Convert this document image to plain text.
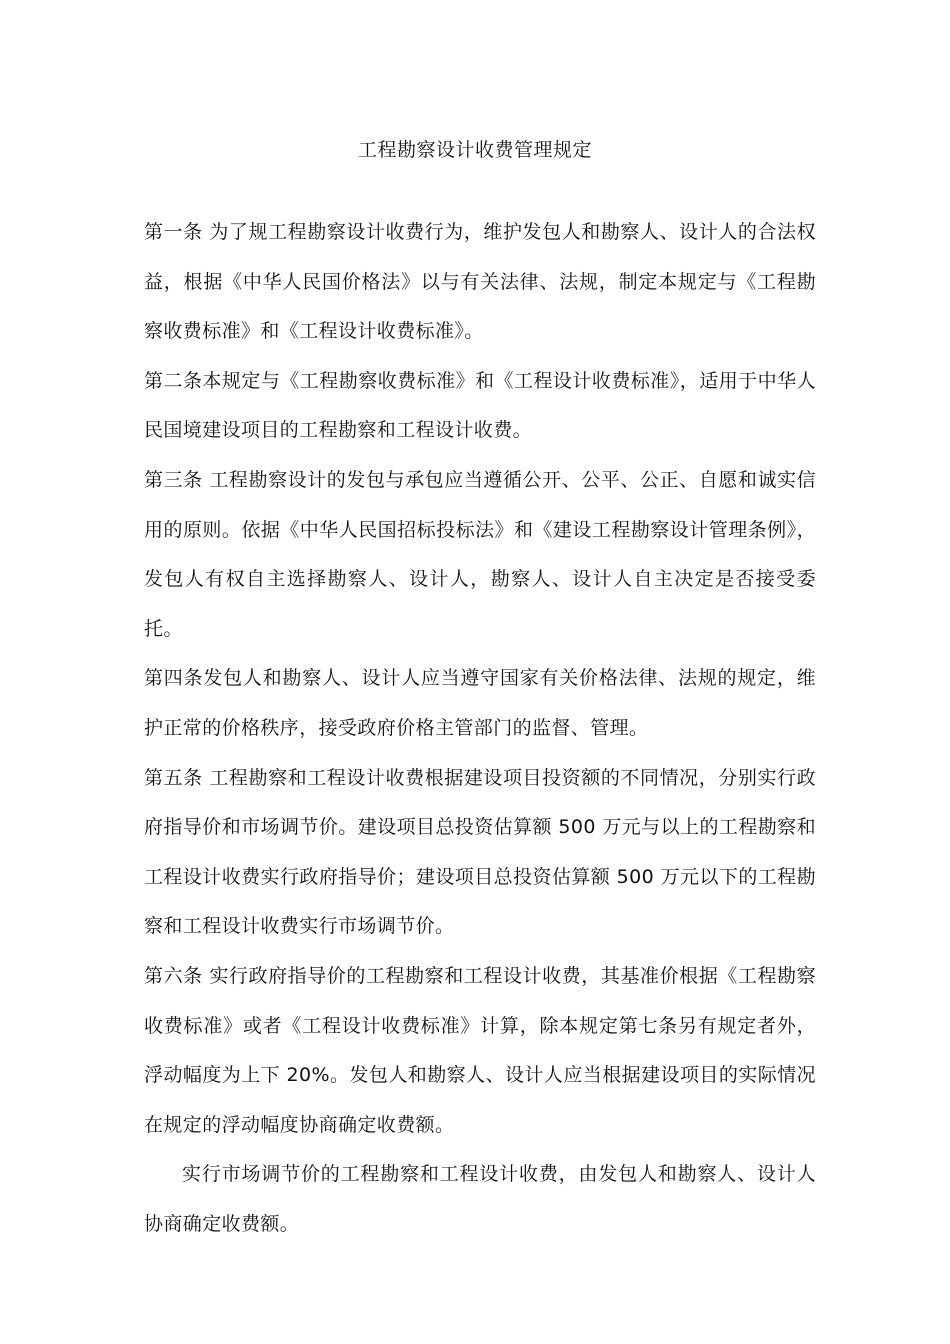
工程勘察设计收费管理规定

第一条 为了规工程勘察设计收费行为，维护发包人和勘察人、设计人的合法权益，根据《中华人民国价格法》以与有关法律、法规，制定本规定与《工程勘察收费标准》和《工程设计收费标准》。

第二条本规定与《工程勘察收费标准》和《工程设计收费标准》，适用于中华人民国境建设项目的工程勘察和工程设计收费。

第三条 工程勘察设计的发包与承包应当遵循公开、公平、公正、自愿和诚实信用的原则。依据《中华人民国招标投标法》和《建设工程勘察设计管理条例》，发包人有权自主选择勘察人、设计人，勘察人、设计人自主决定是否接受委托。

第四条发包人和勘察人、设计人应当遵守国家有关价格法律、法规的规定，维护正常的价格秩序，接受政府价格主管部门的监督、管理。

第五条 工程勘察和工程设计收费根据建设项目投资额的不同情况，分别实行政府指导价和市场调节价。建设项目总投资估算额 500 万元与以上的工程勘察和工程设计收费实行政府指导价；建设项目总投资估算额 500 万元以下的工程勘察和工程设计收费实行市场调节价。

第六条 实行政府指导价的工程勘察和工程设计收费，其基准价根据《工程勘察收费标准》或者《工程设计收费标准》计算，除本规定第七条另有规定者外，浮动幅度为上下 20%。发包人和勘察人、设计人应当根据建设项目的实际情况在规定的浮动幅度协商确定收费额。

实行市场调节价的工程勘察和工程设计收费，由发包人和勘察人、设计人协商确定收费额。
